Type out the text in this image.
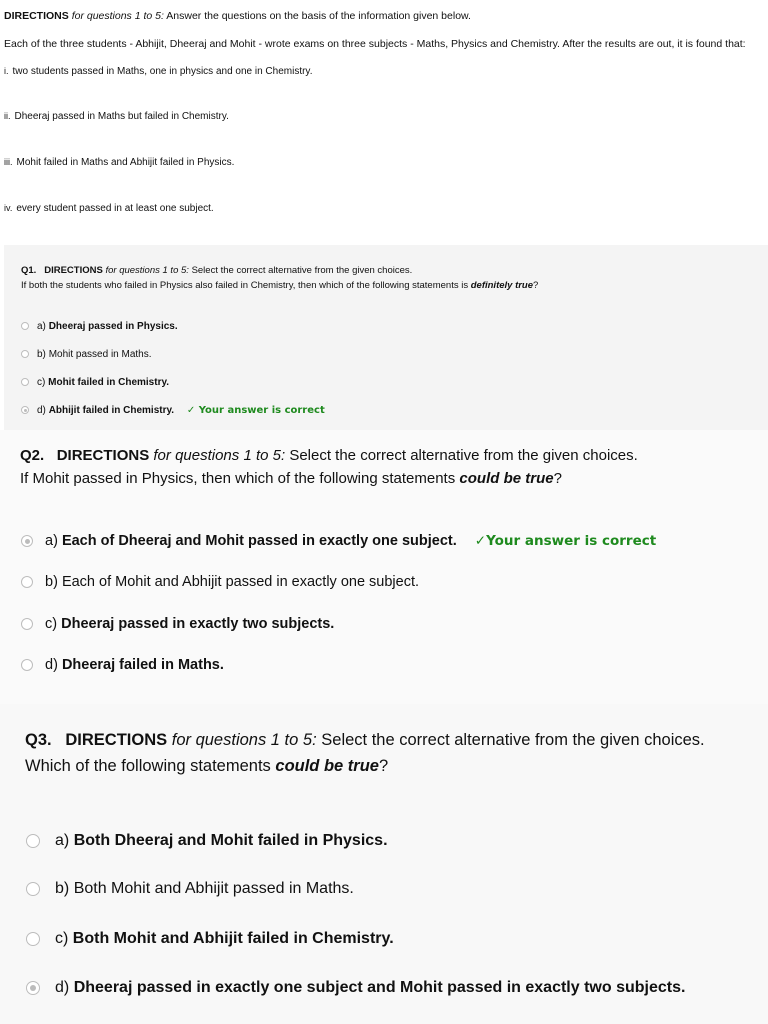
DIRECTIONS for questions 1 to 5: Answer the questions on the basis of the information given below.
Each of the three students - Abhijit, Dheeraj and Mohit - wrote exams on three subjects - Maths, Physics and Chemistry. After the results are out, it is found that:
i. two students passed in Maths, one in physics and one in Chemistry.
ii. Dheeraj passed in Maths but failed in Chemistry.
iii. Mohit failed in Maths and Abhijit failed in Physics.
iv. every student passed in at least one subject.
Q1. DIRECTIONS for questions 1 to 5: Select the correct alternative from the given choices.
If both the students who failed in Physics also failed in Chemistry, then which of the following statements is definitely true?
a) Dheeraj passed in Physics.
b) Mohit passed in Maths.
c) Mohit failed in Chemistry.
d) Abhijit failed in Chemistry. ✓ Your answer is correct
Q2. DIRECTIONS for questions 1 to 5: Select the correct alternative from the given choices.
If Mohit passed in Physics, then which of the following statements could be true?
a) Each of Dheeraj and Mohit passed in exactly one subject. ✓Your answer is correct
b) Each of Mohit and Abhijit passed in exactly one subject.
c) Dheeraj passed in exactly two subjects.
d) Dheeraj failed in Maths.
Q3. DIRECTIONS for questions 1 to 5: Select the correct alternative from the given choices.
Which of the following statements could be true?
a) Both Dheeraj and Mohit failed in Physics.
b) Both Mohit and Abhijit passed in Maths.
c) Both Mohit and Abhijit failed in Chemistry.
d) Dheeraj passed in exactly one subject and Mohit passed in exactly two subjects.
